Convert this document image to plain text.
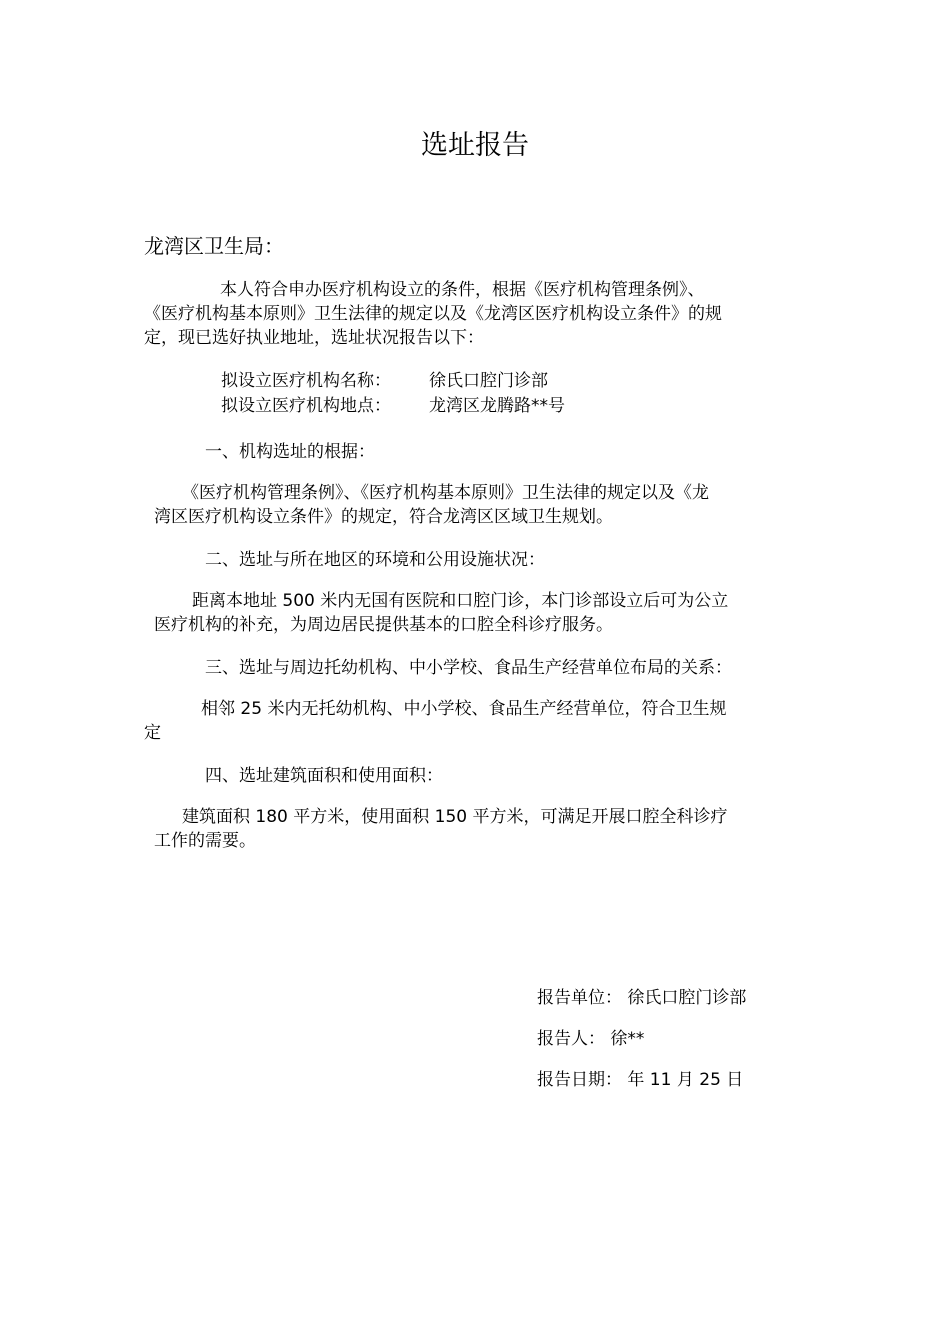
选址报告
龙湾区卫生局：
本人符合申办医疗机构设立的条件，根据《医疗机构管理条例》、
《医疗机构基本原则》卫生法律的规定以及《龙湾区医疗机构设立条件》的规
定，现已选好执业地址，选址状况报告以下：
拟设立医疗机构名称： 徐氏口腔门诊部
拟设立医疗机构地点： 龙湾区龙腾路**号
一、机构选址的根据：
《医疗机构管理条例》、《医疗机构基本原则》卫生法律的规定以及《龙
湾区医疗机构设立条件》的规定，符合龙湾区区域卫生规划。
二、选址与所在地区的环境和公用设施状况：
距离本地址 500 米内无国有医院和口腔门诊，本门诊部设立后可为公立
医疗机构的补充，为周边居民提供基本的口腔全科诊疗服务。
三、选址与周边托幼机构、中小学校、食品生产经营单位布局的关系：
相邻 25 米内无托幼机构、中小学校、食品生产经营单位，符合卫生规
定
四、选址建筑面积和使用面积：
建筑面积 180 平方米，使用面积 150 平方米，可满足开展口腔全科诊疗
工作的需要。
报告单位： 徐氏口腔门诊部
报告人： 徐**
报告日期： 年 11 月 25 日
